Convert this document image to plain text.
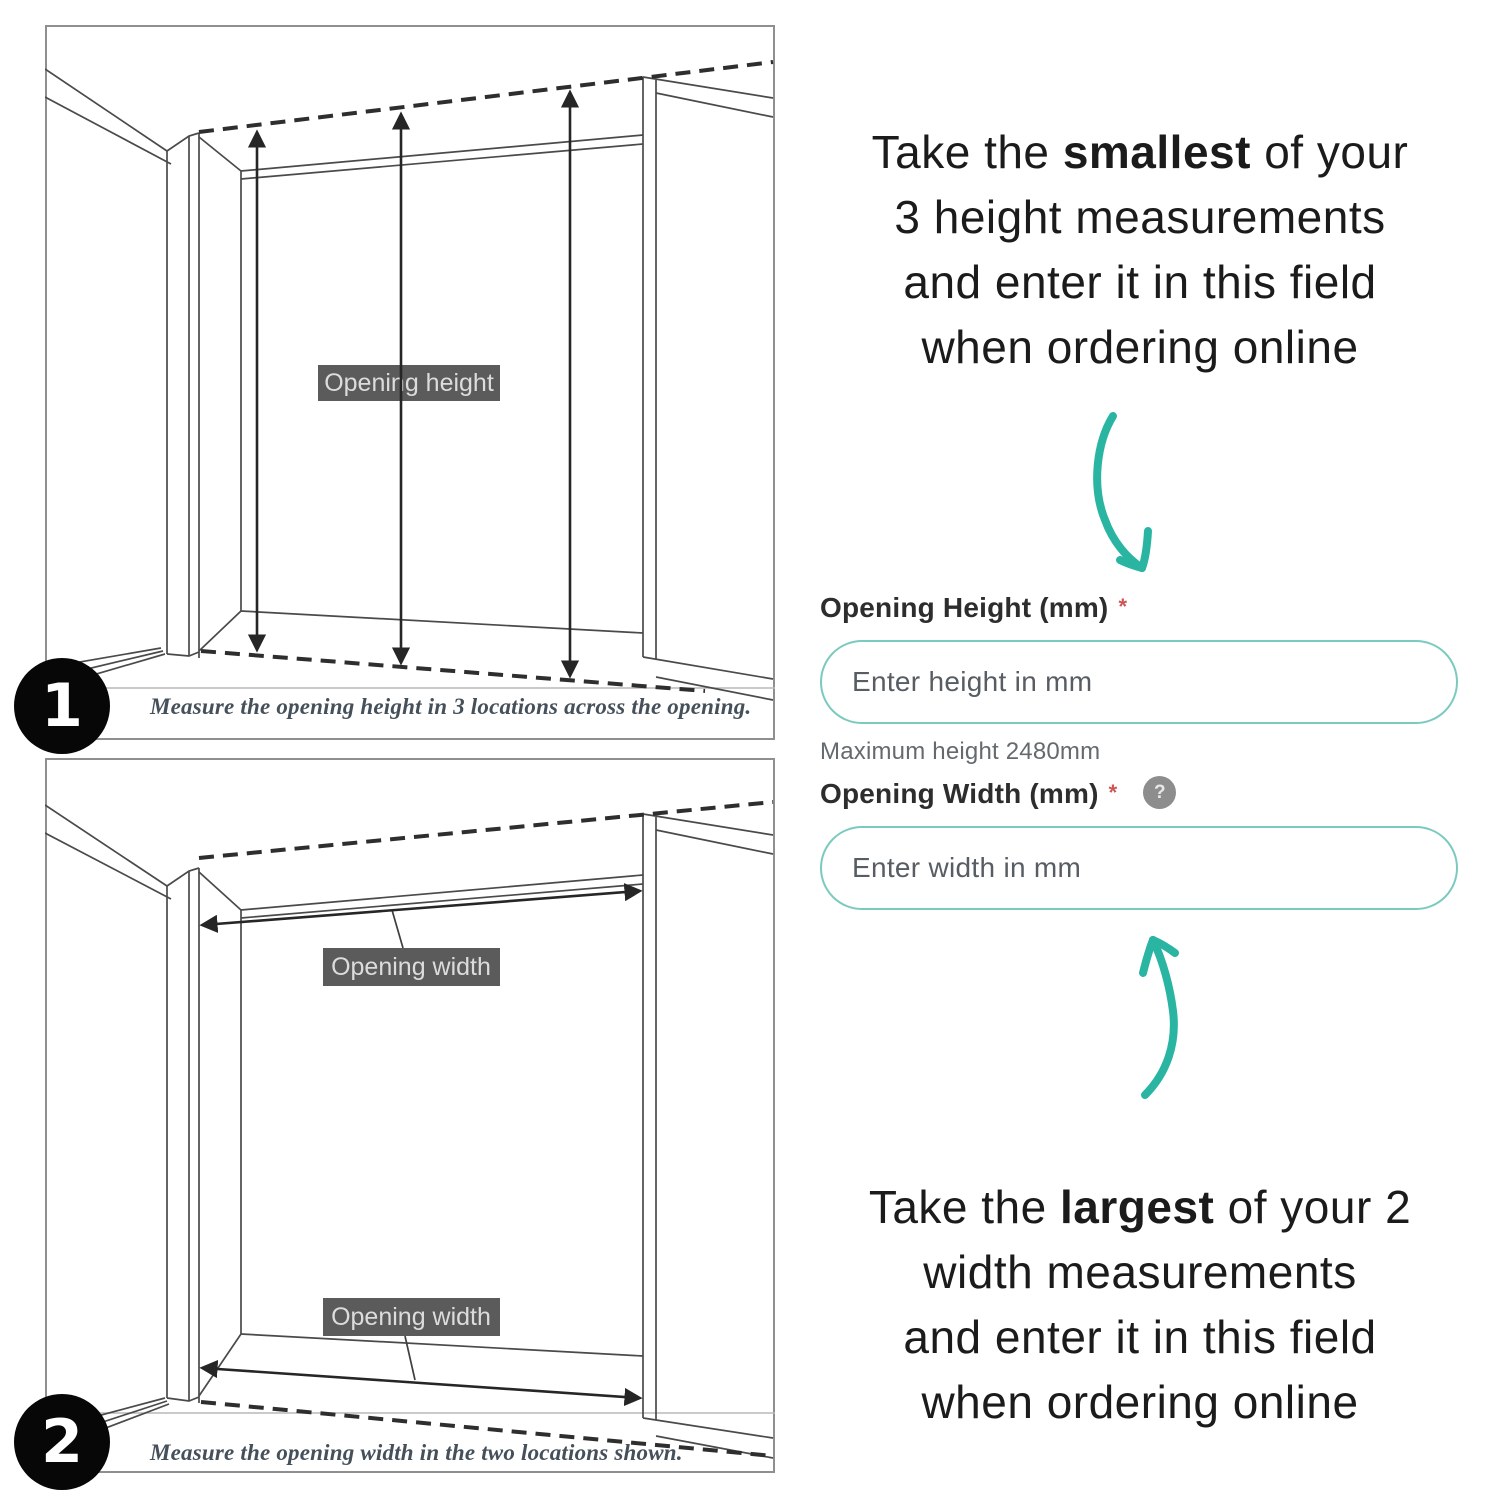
Opening height
Measure the opening height in 3 locations across the opening.
1
Opening width
Opening width
Measure the opening width in the two locations shown.
2
Take the smallest of your
3 height measurements
and enter it in this field
when ordering online
Opening Height (mm) *
Enter height in mm
Maximum height 2480mm
Opening Width (mm) * ?
Enter width in mm
Take the largest of your 2
width measurements
and enter it in this field
when ordering online
